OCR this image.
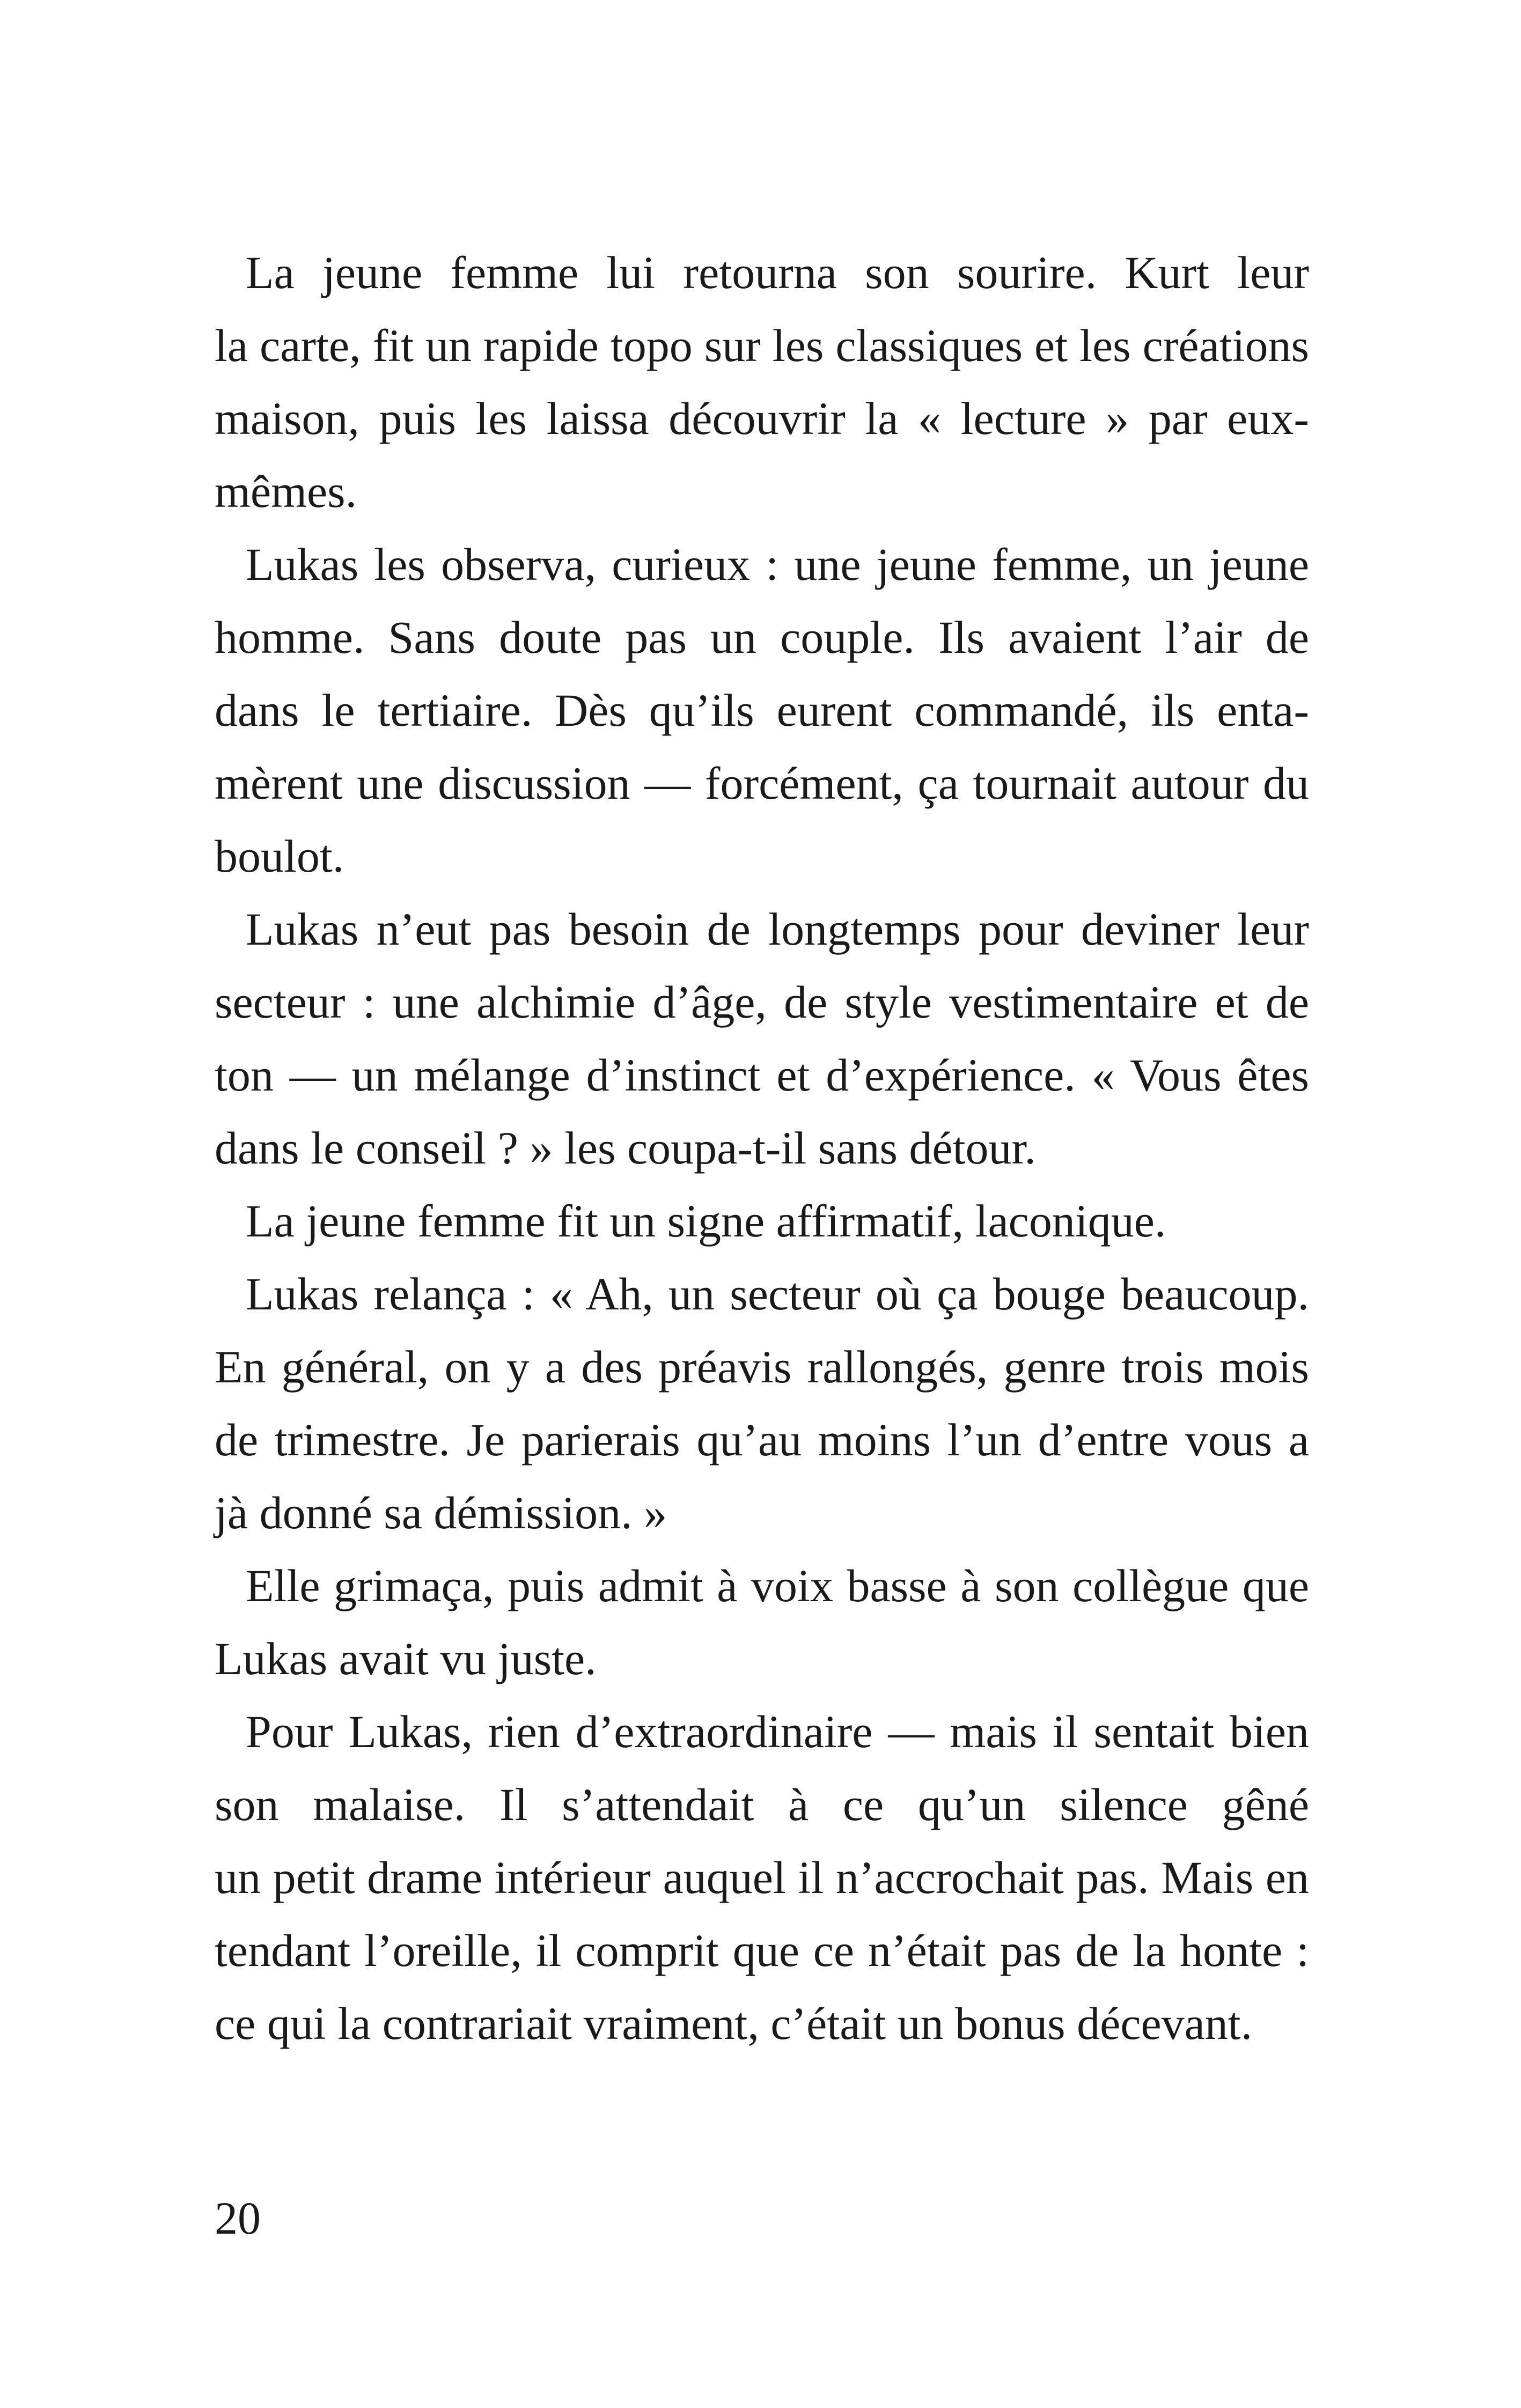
La jeune femme lui retourna son sourire. Kurt leur
la carte, fit un rapide topo sur les classiques et les créations
maison, puis les laissa découvrir la « lecture » par eux-
mêmes.
Lukas les observa, curieux : une jeune femme, un jeune
homme. Sans doute pas un couple. Ils avaient l’air de
dans le tertiaire. Dès qu’ils eurent commandé, ils enta-
mèrent une discussion — forcément, ça tournait autour du
boulot.
Lukas n’eut pas besoin de longtemps pour deviner leur
secteur : une alchimie d’âge, de style vestimentaire et de
ton — un mélange d’instinct et d’expérience. « Vous êtes
dans le conseil ? » les coupa-t-il sans détour.
La jeune femme fit un signe affirmatif, laconique.
Lukas relança : « Ah, un secteur où ça bouge beaucoup.
En général, on y a des préavis rallongés, genre trois mois
de trimestre. Je parierais qu’au moins l’un d’entre vous a
jà donné sa démission. »
Elle grimaça, puis admit à voix basse à son collègue que
Lukas avait vu juste.
Pour Lukas, rien d’extraordinaire — mais il sentait bien
son malaise. Il s’attendait à ce qu’un silence gêné
un petit drame intérieur auquel il n’accrochait pas. Mais en
tendant l’oreille, il comprit que ce n’était pas de la honte :
ce qui la contrariait vraiment, c’était un bonus décevant.
20
